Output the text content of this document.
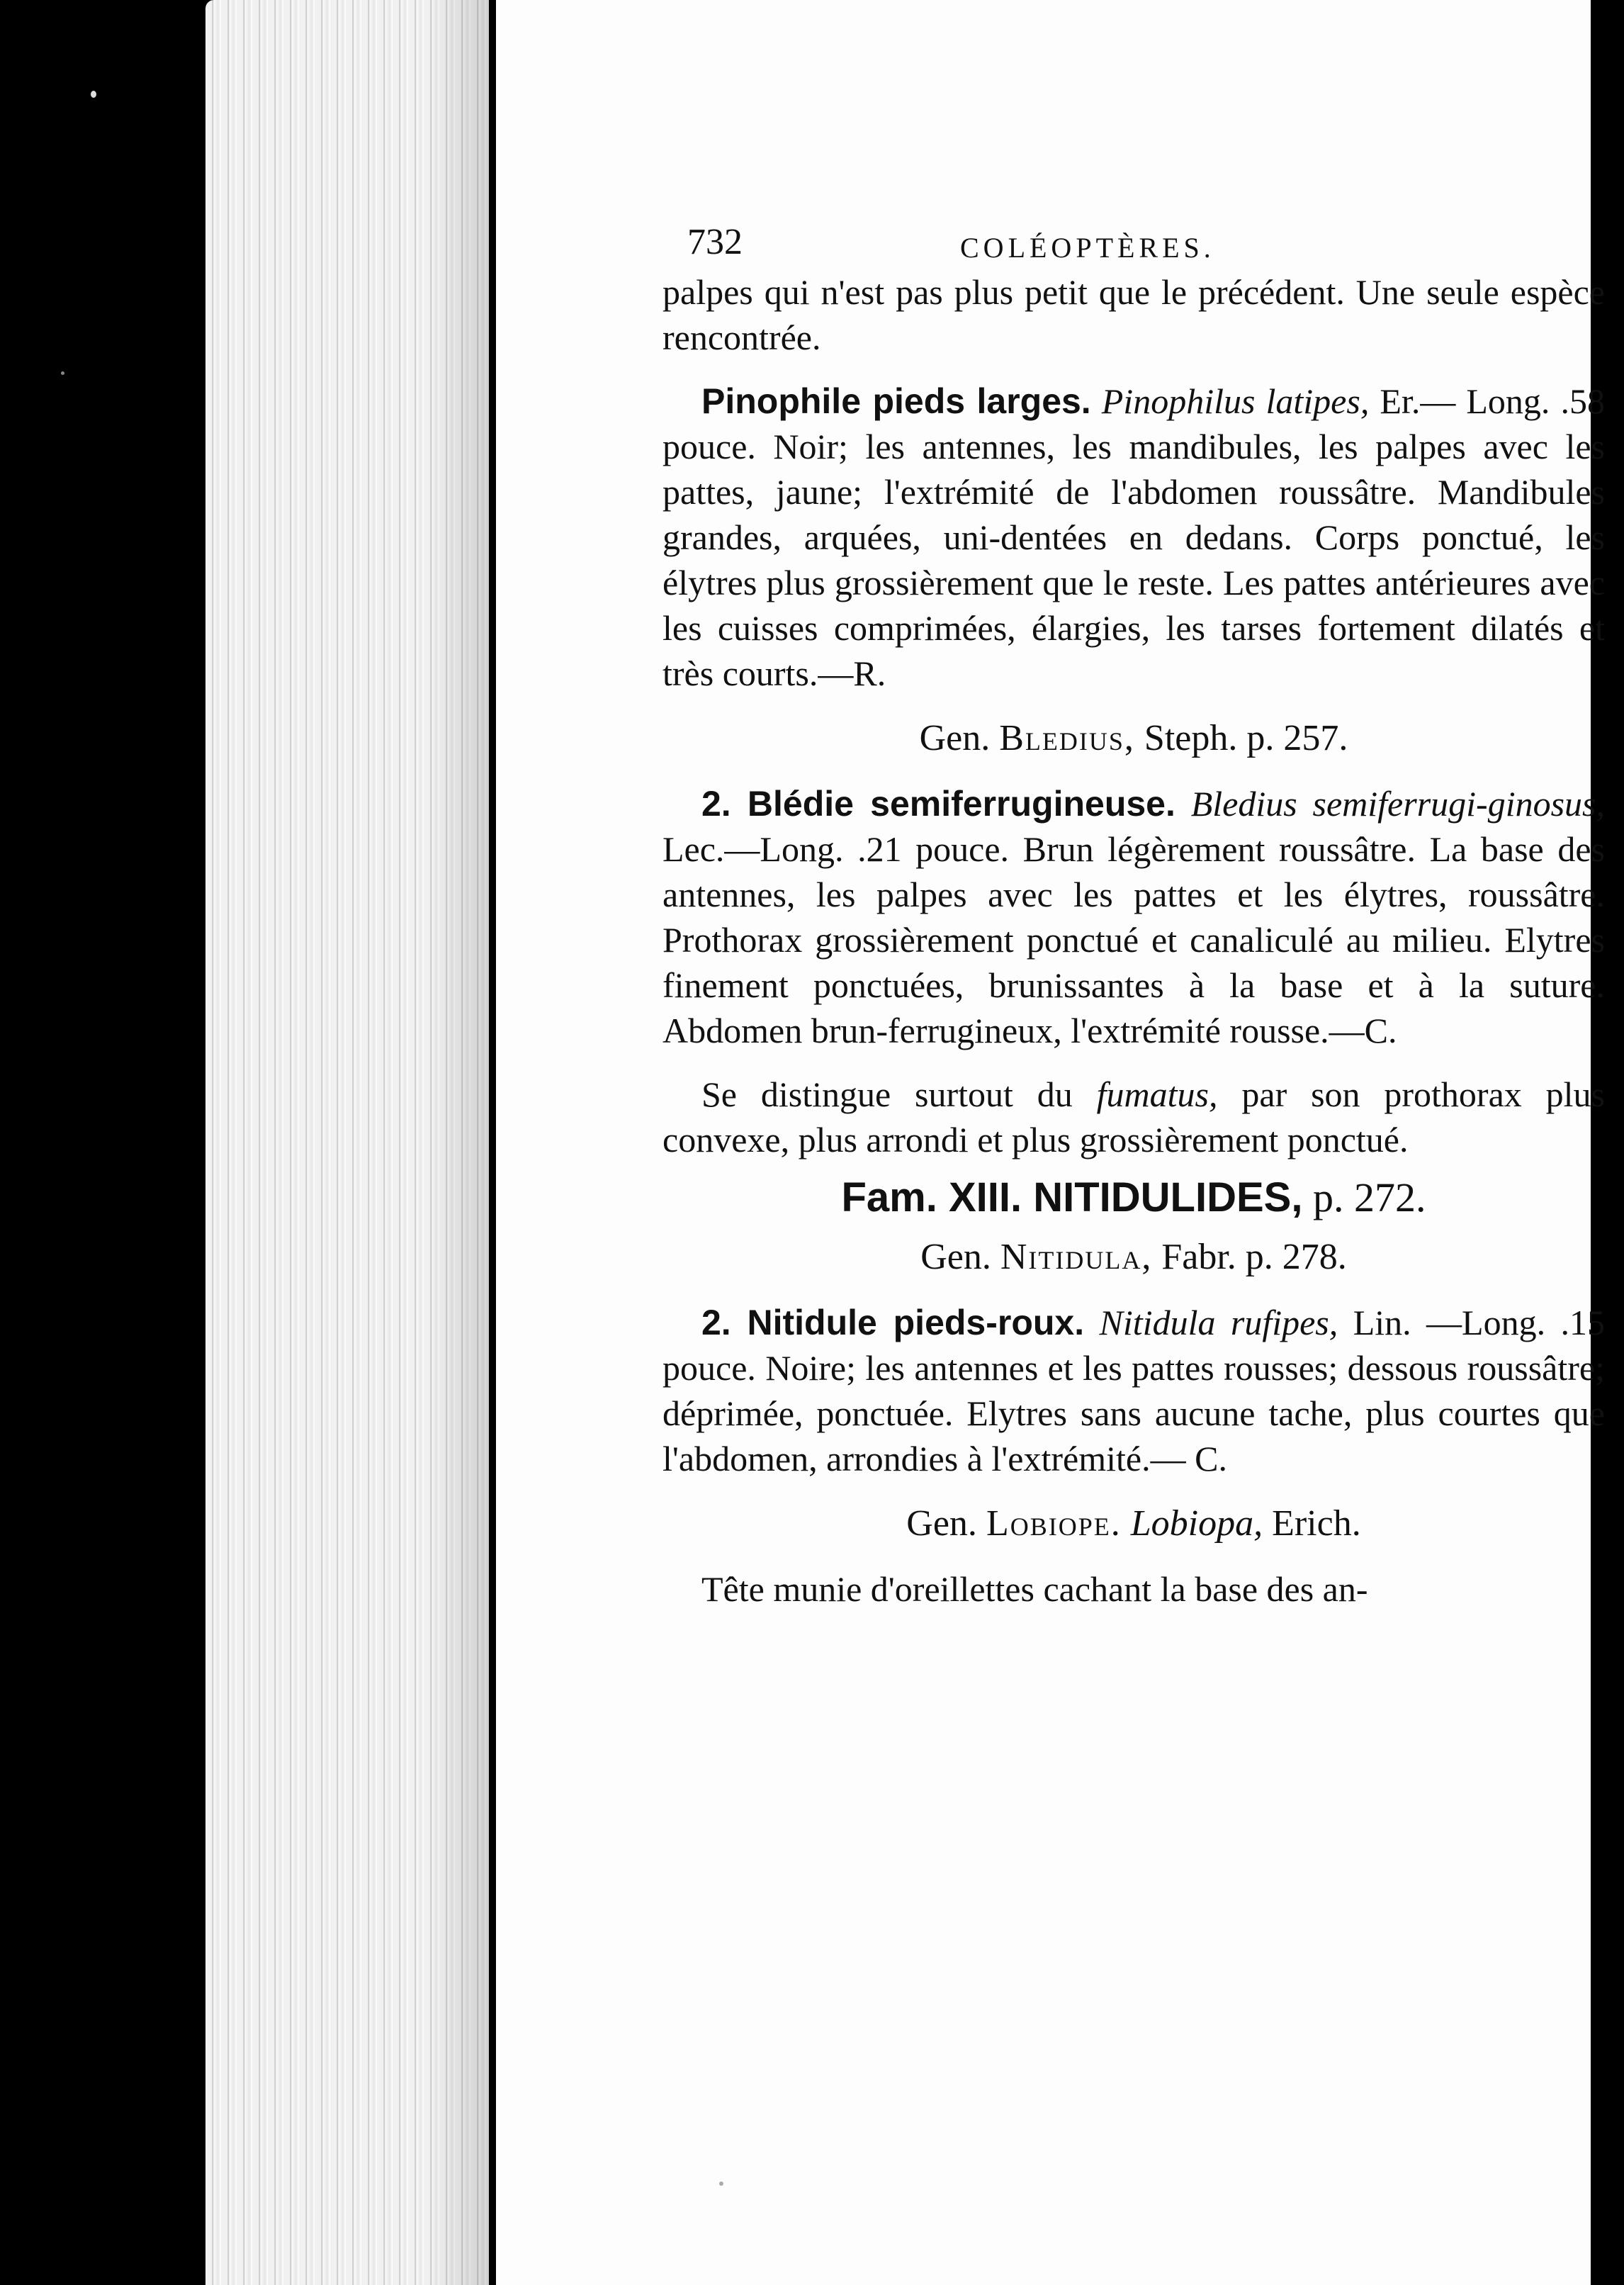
732	COLÉOPTÈRES.

palpes qui n'est pas plus petit que le précédent. Une seule espèce rencontrée.

Pinophile pieds larges. Pinophilus latipes, Er.— Long. .58 pouce. Noir; les antennes, les mandibules, les palpes avec les pattes, jaune; l'extrémité de l'abdomen roussâtre. Mandibules grandes, arquées, uni-dentées en dedans. Corps ponctué, les élytres plus grossièrement que le reste. Les pattes antérieures avec les cuisses comprimées, élargies, les tarses fortement dilatés et très courts.—R.

Gen. Bledius, Steph. p. 257.

2. Blédie semiferrugineuse. Bledius semiferrugi-ginosus, Lec.—Long. .21 pouce. Brun légèrement roussâtre. La base des antennes, les palpes avec les pattes et les élytres, roussâtre. Prothorax grossièrement ponctué et canaliculé au milieu. Elytres finement ponctuées, brunissantes à la base et à la suture. Abdomen brun-ferrugineux, l'extrémité rousse.—C.

Se distingue surtout du fumatus, par son prothorax plus convexe, plus arrondi et plus grossièrement ponctué.

Fam. XIII. NITIDULIDES, p. 272.
Gen. Nitidula, Fabr. p. 278.

2. Nitidule pieds-roux. Nitidula rufipes, Lin. —Long. .15 pouce. Noire; les antennes et les pattes rousses; dessous roussâtre; déprimée, ponctuée. Elytres sans aucune tache, plus courtes que l'abdomen, arrondies à l'extrémité.— C.

Gen. Lobiope. Lobiopa, Erich.

Tête munie d'oreillettes cachant la base des an-
